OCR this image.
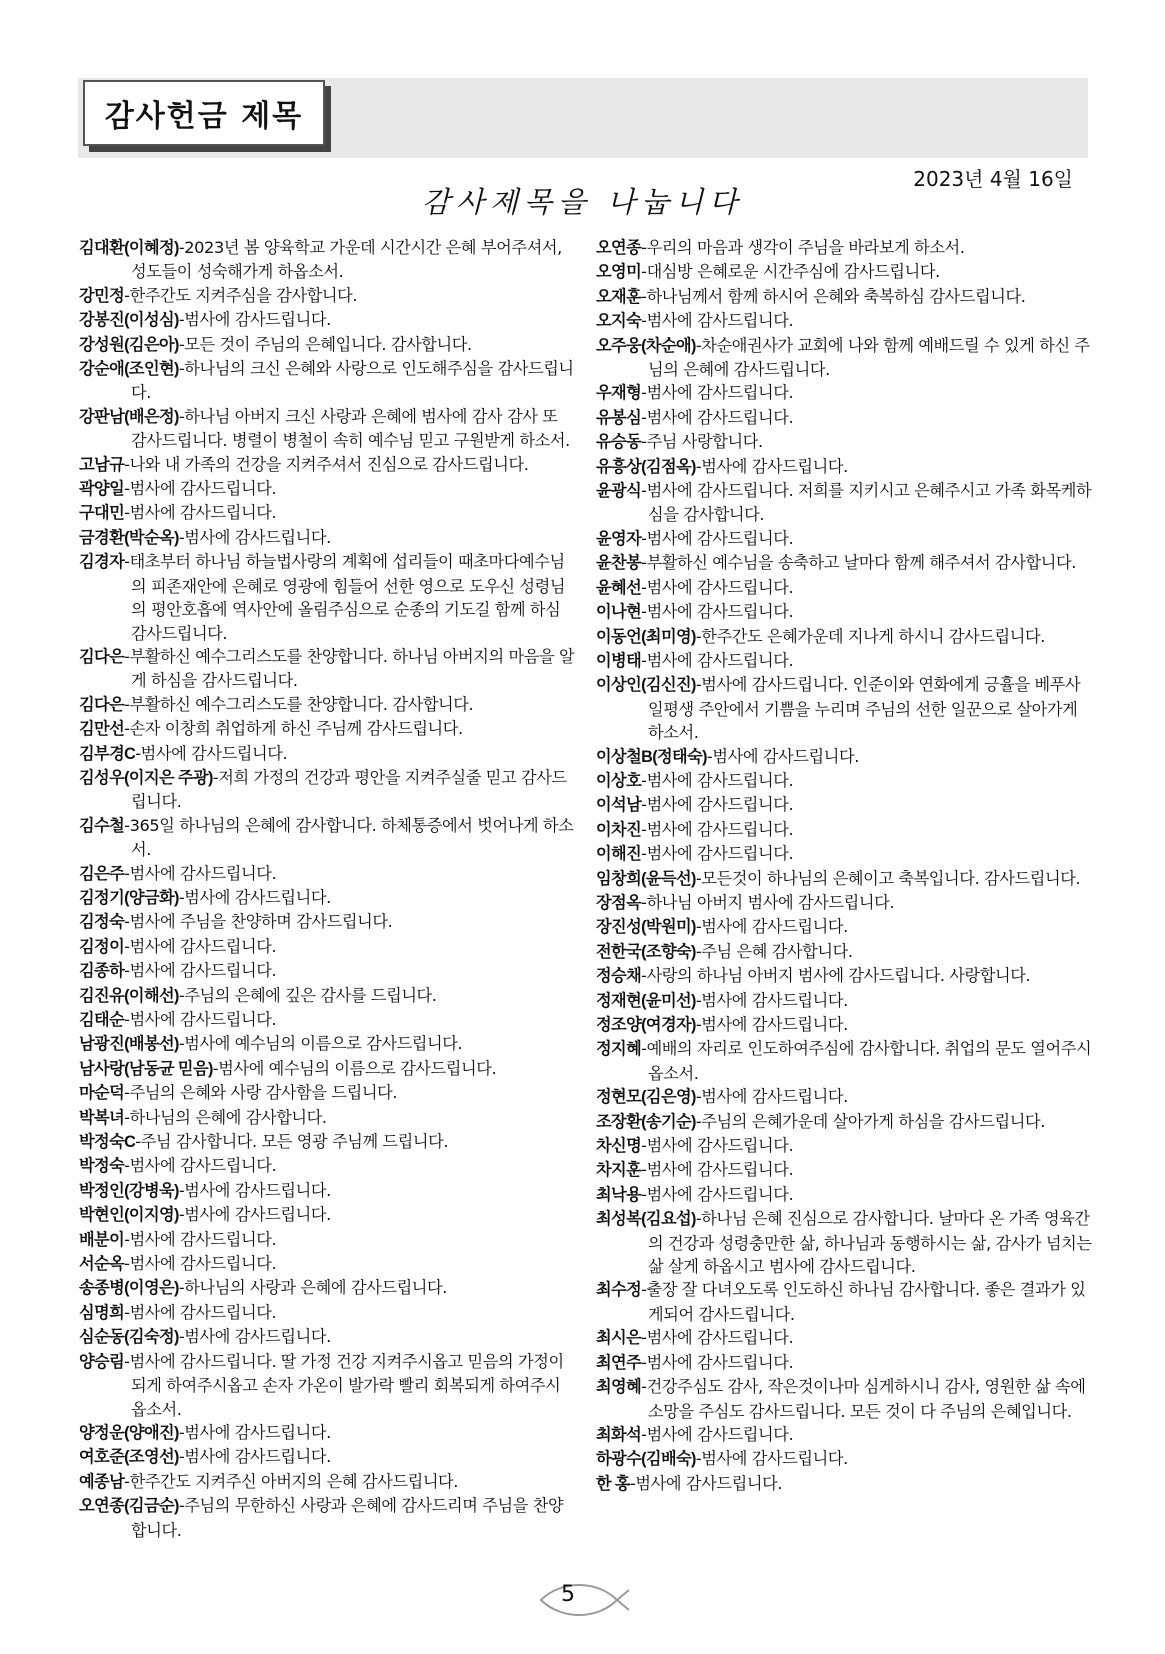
감사헌금 제목
2023년 4월 16일
감사제목을 나눕니다
김대환(이혜정)-2023년 봄 양육학교 가운데 시간시간 은혜 부어주셔서, 성도들이 성숙해가게 하옵소서.
강민정-한주간도 지켜주심을 감사합니다.
강봉진(이성심)-범사에 감사드립니다.
강성원(김은아)-모든 것이 주님의 은혜입니다. 감사합니다.
강순애(조인현)-하나님의 크신 은혜와 사랑으로 인도해주심을 감사드립니다.
강판남(배은정)-하나님 아버지 크신 사랑과 은혜에 범사에 감사 감사 또 감사드립니다. 병렬이 병철이 속히 예수님 믿고 구원받게 하소서.
고남규-나와 내 가족의 건강을 지켜주셔서 진심으로 감사드립니다.
곽양일-범사에 감사드립니다.
구대민-범사에 감사드립니다.
금경환(박순옥)-범사에 감사드립니다.
김경자-태초부터 하나님 하늘법사랑의 계획에 섭리들이 때초마다예수님의 피존재안에 은혜로 영광에 힘들어 선한 영으로 도우신 성령님의 평안호흡에 역사안에 올림주심으로 순종의 기도길 함께 하심 감사드립니다.
김다은-부활하신 예수그리스도를 찬양합니다. 하나님 아버지의 마음을 알게 하심을 감사드립니다.
김다은-부활하신 예수그리스도를 찬양합니다. 감사합니다.
김만선-손자 이창희 취업하게 하신 주님께 감사드립니다.
김부경C-범사에 감사드립니다.
김성우(이지은 주광)-저희 가정의 건강과 평안을 지켜주실줄 믿고 감사드립니다.
김수철-365일 하나님의 은혜에 감사합니다. 하체통증에서 벗어나게 하소서.
김은주-범사에 감사드립니다.
김정기(양금화)-범사에 감사드립니다.
김정숙-범사에 주님을 찬양하며 감사드립니다.
김정이-범사에 감사드립니다.
김종하-범사에 감사드립니다.
김진유(이해선)-주님의 은혜에 깊은 감사를 드립니다.
김태순-범사에 감사드립니다.
남광진(배봉선)-범사에 예수님의 이름으로 감사드립니다.
남사랑(남동균 믿음)-범사에 예수님의 이름으로 감사드립니다.
마순덕-주님의 은혜와 사랑 감사함을 드립니다.
박복녀-하나님의 은혜에 감사합니다.
박정숙C-주님 감사합니다. 모든 영광 주님께 드립니다.
박정숙-범사에 감사드립니다.
박정인(강병욱)-범사에 감사드립니다.
박현인(이지영)-범사에 감사드립니다.
배분이-범사에 감사드립니다.
서순옥-범사에 감사드립니다.
송종병(이영은)-하나님의 사랑과 은혜에 감사드립니다.
심명희-범사에 감사드립니다.
심순동(김숙정)-범사에 감사드립니다.
양승림-범사에 감사드립니다. 딸 가정 건강 지켜주시옵고 믿음의 가정이 되게 하여주시옵고 손자 가온이 발가락 빨리 회복되게 하여주시옵소서.
양정운(양애진)-범사에 감사드립니다.
여호준(조영선)-범사에 감사드립니다.
예종남-한주간도 지켜주신 아버지의 은혜 감사드립니다.
오연종(김금순)-주님의 무한하신 사랑과 은혜에 감사드리며 주님을 찬양합니다.
오연종-우리의 마음과 생각이 주님을 바라보게 하소서.
오영미-대심방 은혜로운 시간주심에 감사드립니다.
오재훈-하나님께서 함께 하시어 은혜와 축복하심 감사드립니다.
오지숙-범사에 감사드립니다.
오주웅(차순애)-차순애권사가 교회에 나와 함께 예배드릴 수 있게 하신 주님의 은혜에 감사드립니다.
우재형-범사에 감사드립니다.
유봉심-범사에 감사드립니다.
유승동-주님 사랑합니다.
유흥상(김점옥)-범사에 감사드립니다.
윤광식-범사에 감사드립니다. 저희를 지키시고 은혜주시고 가족 화목케하심을 감사합니다.
윤영자-범사에 감사드립니다.
윤찬봉-부활하신 예수님을 송축하고 날마다 함께 해주셔서 감사합니다.
윤혜선-범사에 감사드립니다.
이나현-범사에 감사드립니다.
이동언(최미영)-한주간도 은혜가운데 지나게 하시니 감사드립니다.
이병태-범사에 감사드립니다.
이상인(김신진)-범사에 감사드립니다. 인준이와 연화에게 긍휼을 베푸사 일평생 주안에서 기쁨을 누리며 주님의 선한 일꾼으로 살아가게 하소서.
이상철B(정태숙)-범사에 감사드립니다.
이상호-범사에 감사드립니다.
이석남-범사에 감사드립니다.
이차진-범사에 감사드립니다.
이해진-범사에 감사드립니다.
임창희(윤득선)-모든것이 하나님의 은혜이고 축복입니다. 감사드립니다.
장점옥-하나님 아버지 범사에 감사드립니다.
장진성(박원미)-범사에 감사드립니다.
전한국(조향숙)-주님 은혜 감사합니다.
정승채-사랑의 하나님 아버지 범사에 감사드립니다. 사랑합니다.
정재현(윤미선)-범사에 감사드립니다.
정조양(여경자)-범사에 감사드립니다.
정지혜-예배의 자리로 인도하여주심에 감사합니다. 취업의 문도 열어주시옵소서.
정현모(김은영)-범사에 감사드립니다.
조장환(송기순)-주님의 은혜가운데 살아가게 하심을 감사드립니다.
차신명-범사에 감사드립니다.
차지훈-범사에 감사드립니다.
최낙용-범사에 감사드립니다.
최성복(김요섭)-하나님 은혜 진심으로 감사합니다. 날마다 온 가족 영육간의 건강과 성령충만한 삶, 하나님과 동행하시는 삶, 감사가 넘치는 삶 살게 하옵시고 범사에 감사드립니다.
최수정-출장 잘 다녀오도록 인도하신 하나님 감사합니다. 좋은 결과가 있게되어 감사드립니다.
최시은-범사에 감사드립니다.
최연주-범사에 감사드립니다.
최영혜-건강주심도 감사, 작은것이나마 심게하시니 감사, 영원한 삶 속에 소망을 주심도 감사드립니다. 모든 것이 다 주님의 은혜입니다.
최화석-범사에 감사드립니다.
하광수(김배숙)-범사에 감사드립니다.
한 홍-범사에 감사드립니다.
5
